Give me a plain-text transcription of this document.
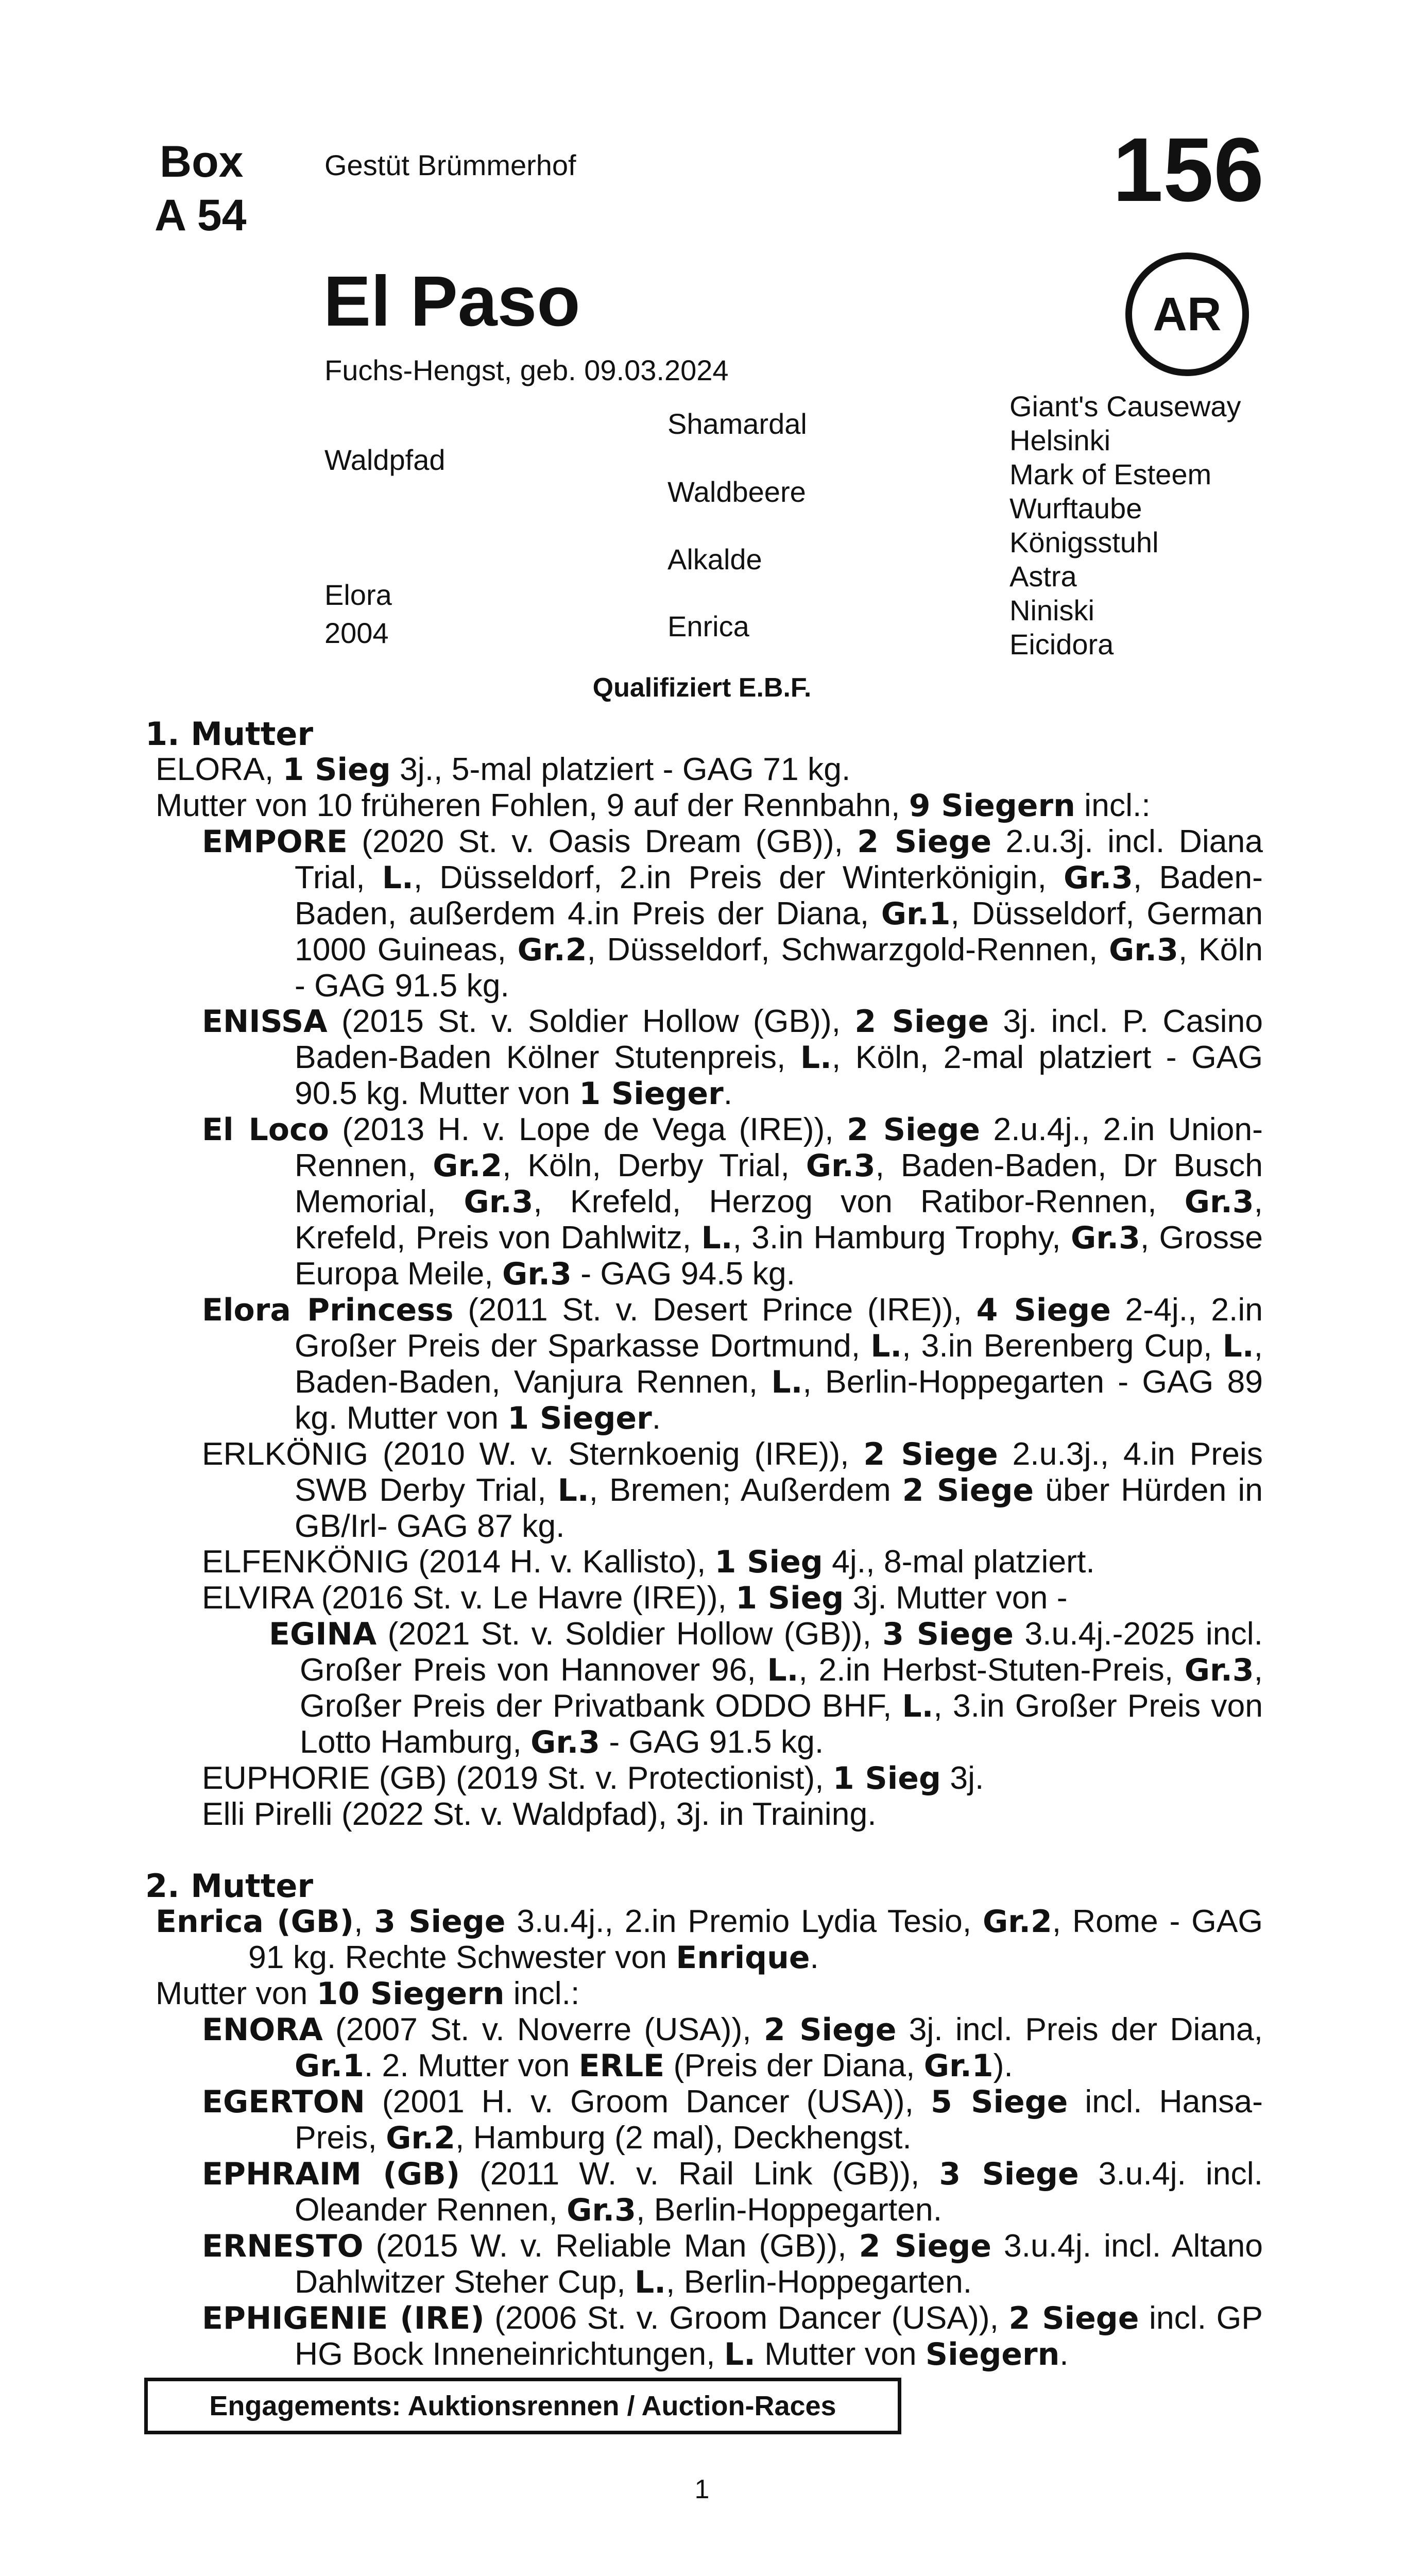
Box
A 54
Gestüt Brümmerhof	156
AR
El Paso
Fuchs-Hengst, geb. 09.03.2024
Waldpfad
Elora
2004
Shamardal
Waldbeere
Alkalde
Enrica
Giant's Causeway
Helsinki
Mark of Esteem
Wurftaube
Königsstuhl
Astra
Niniski
Eicidora
Qualifiziert E.B.F.
1. Mutter
ELORA, 1 Sieg 3j., 5-mal platziert - GAG 71 kg.
Mutter von 10 früheren Fohlen, 9 auf der Rennbahn, 9 Siegern incl.:
EMPORE (2020 St. v. Oasis Dream (GB)), 2 Siege 2.u.3j. incl. Diana Trial, L., Düsseldorf, 2.in Preis der Winterkönigin, Gr.3, Baden-Baden, außerdem 4.in Preis der Diana, Gr.1, Düsseldorf, German 1000 Guineas, Gr.2, Düsseldorf, Schwarzgold-Rennen, Gr.3, Köln - GAG 91.5 kg.
ENISSA (2015 St. v. Soldier Hollow (GB)), 2 Siege 3j. incl. P. Casino Baden-Baden Kölner Stutenpreis, L., Köln, 2-mal platziert - GAG 90.5 kg. Mutter von 1 Sieger.
El Loco (2013 H. v. Lope de Vega (IRE)), 2 Siege 2.u.4j., 2.in Union-Rennen, Gr.2, Köln, Derby Trial, Gr.3, Baden-Baden, Dr Busch Memorial, Gr.3, Krefeld, Herzog von Ratibor-Rennen, Gr.3, Krefeld, Preis von Dahlwitz, L., 3.in Hamburg Trophy, Gr.3, Grosse Europa Meile, Gr.3 - GAG 94.5 kg.
Elora Princess (2011 St. v. Desert Prince (IRE)), 4 Siege 2-4j., 2.in Großer Preis der Sparkasse Dortmund, L., 3.in Berenberg Cup, L., Baden-Baden, Vanjura Rennen, L., Berlin-Hoppegarten - GAG 89 kg. Mutter von 1 Sieger.
ERLKÖNIG (2010 W. v. Sternkoenig (IRE)), 2 Siege 2.u.3j., 4.in Preis SWB Derby Trial, L., Bremen; Außerdem 2 Siege über Hürden in GB/Irl- GAG 87 kg.
ELFENKÖNIG (2014 H. v. Kallisto), 1 Sieg 4j., 8-mal platziert.
ELVIRA (2016 St. v. Le Havre (IRE)), 1 Sieg 3j. Mutter von -
EGINA (2021 St. v. Soldier Hollow (GB)), 3 Siege 3.u.4j.-2025 incl. Großer Preis von Hannover 96, L., 2.in Herbst-Stuten-Preis, Gr.3, Großer Preis der Privatbank ODDO BHF, L., 3.in Großer Preis von Lotto Hamburg, Gr.3 - GAG 91.5 kg.
EUPHORIE (GB) (2019 St. v. Protectionist), 1 Sieg 3j.
Elli Pirelli (2022 St. v. Waldpfad), 3j. in Training.
2. Mutter
Enrica (GB), 3 Siege 3.u.4j., 2.in Premio Lydia Tesio, Gr.2, Rome - GAG 91 kg. Rechte Schwester von Enrique.
Mutter von 10 Siegern incl.:
ENORA (2007 St. v. Noverre (USA)), 2 Siege 3j. incl. Preis der Diana, Gr.1. 2. Mutter von ERLE (Preis der Diana, Gr.1).
EGERTON (2001 H. v. Groom Dancer (USA)), 5 Siege incl. Hansa-Preis, Gr.2, Hamburg (2 mal), Deckhengst.
EPHRAIM (GB) (2011 W. v. Rail Link (GB)), 3 Siege 3.u.4j. incl. Oleander Rennen, Gr.3, Berlin-Hoppegarten.
ERNESTO (2015 W. v. Reliable Man (GB)), 2 Siege 3.u.4j. incl. Altano Dahlwitzer Steher Cup, L., Berlin-Hoppegarten.
EPHIGENIE (IRE) (2006 St. v. Groom Dancer (USA)), 2 Siege incl. GP HG Bock Inneneinrichtungen, L. Mutter von Siegern.
Engagements: Auktionsrennen / Auction-Races
1
